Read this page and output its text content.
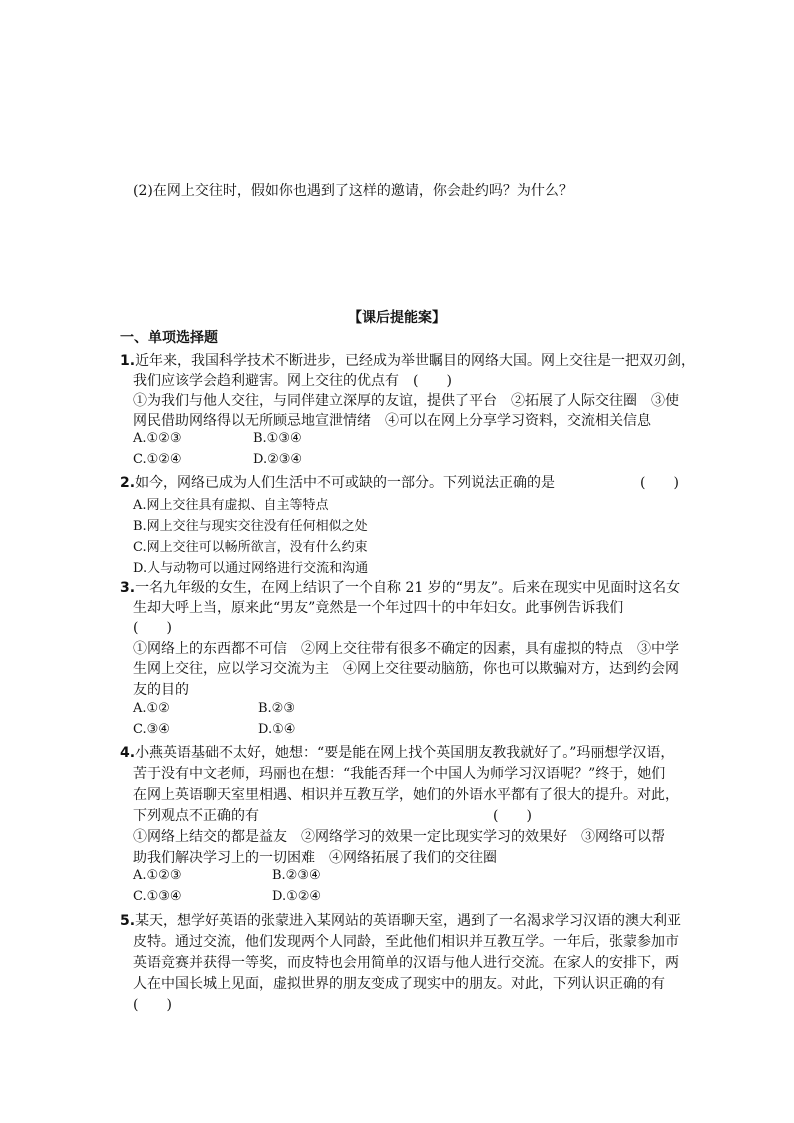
(2)在网上交往时，假如你也遇到了这样的邀请，你会赴约吗？为什么？
【课后提能案】
一、单项选择题
1.近年来，我国科学技术不断进步，已经成为举世瞩目的网络大国。网上交往是一把双刃剑，
我们应该学会趋利避害。网上交往的优点有　(　　)
①为我们与他人交往，与同伴建立深厚的友谊，提供了平台　②拓展了人际交往圈　③使
网民借助网络得以无所顾忌地宣泄情绪　④可以在网上分享学习资料，交流相关信息
A.①②③	B.①③④
C.①②④	D.②③④
2.如今，网络已成为人们生活中不可或缺的一部分。下列说法正确的是	(　　)
A.网上交往具有虚拟、自主等特点
B.网上交往与现实交往没有任何相似之处
C.网上交往可以畅所欲言，没有什么约束
D.人与动物可以通过网络进行交流和沟通
3.一名九年级的女生，在网上结识了一个自称 21 岁的“男友”。后来在现实中见面时这名女
生却大呼上当，原来此“男友”竟然是一个年过四十的中年妇女。此事例告诉我们
(　　)
①网络上的东西都不可信　②网上交往带有很多不确定的因素，具有虚拟的特点　③中学
生网上交往，应以学习交流为主　④网上交往要动脑筋，你也可以欺骗对方，达到约会网
友的目的
A.①②	B.②③
C.③④	D.①④
4.小燕英语基础不太好，她想：“要是能在网上找个英国朋友教我就好了。”玛丽想学汉语，
苦于没有中文老师，玛丽也在想：“我能否拜一个中国人为师学习汉语呢？”终于，她们
在网上英语聊天室里相遇、相识并互教互学，她们的外语水平都有了很大的提升。对此，
下列观点不正确的有	(　　)
①网络上结交的都是益友　②网络学习的效果一定比现实学习的效果好　③网络可以帮
助我们解决学习上的一切困难　④网络拓展了我们的交往圈
A.①②③	B.②③④
C.①③④	D.①②④
5.某天，想学好英语的张蒙进入某网站的英语聊天室，遇到了一名渴求学习汉语的澳大利亚
皮特。通过交流，他们发现两个人同龄，至此他们相识并互教互学。一年后，张蒙参加市
英语竞赛并获得一等奖，而皮特也会用简单的汉语与他人进行交流。在家人的安排下，两
人在中国长城上见面，虚拟世界的朋友变成了现实中的朋友。对此，下列认识正确的有
(　　)
